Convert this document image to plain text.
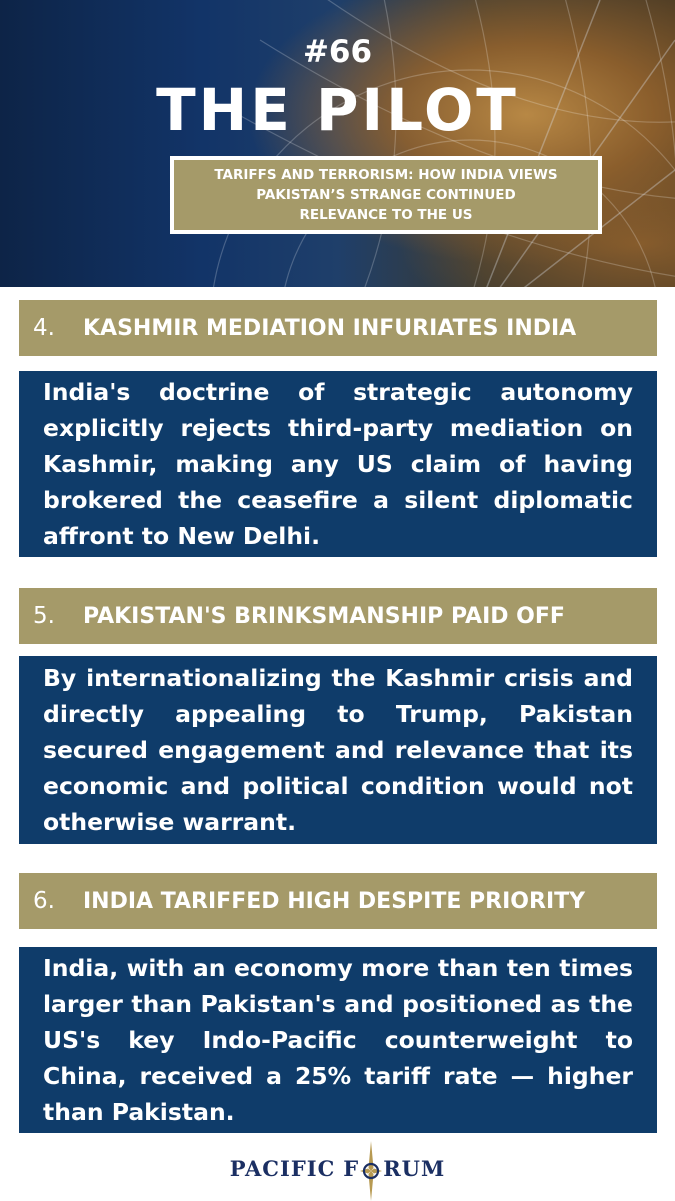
#66
THE PILOT
TARIFFS AND TERRORISM: HOW INDIA VIEWS
PAKISTAN’S STRANGE CONTINUED
RELEVANCE TO THE US
4.	KASHMIR MEDIATION INFURIATES INDIA

India's doctrine of strategic autonomy explicitly rejects third-party mediation on Kashmir, making any US claim of having brokered the ceasefire a silent diplomatic affront to New Delhi.

5.	PAKISTAN'S BRINKSMANSHIP PAID OFF

By internationalizing the Kashmir crisis and directly appealing to Trump, Pakistan secured engagement and relevance that its economic and political condition would not otherwise warrant.

6.	INDIA TARIFFED HIGH DESPITE PRIORITY

India, with an economy more than ten times larger than Pakistan's and positioned as the US's key Indo-Pacific counterweight to China, received a 25% tariff rate — higher than Pakistan.

PACIFIC F RUM
